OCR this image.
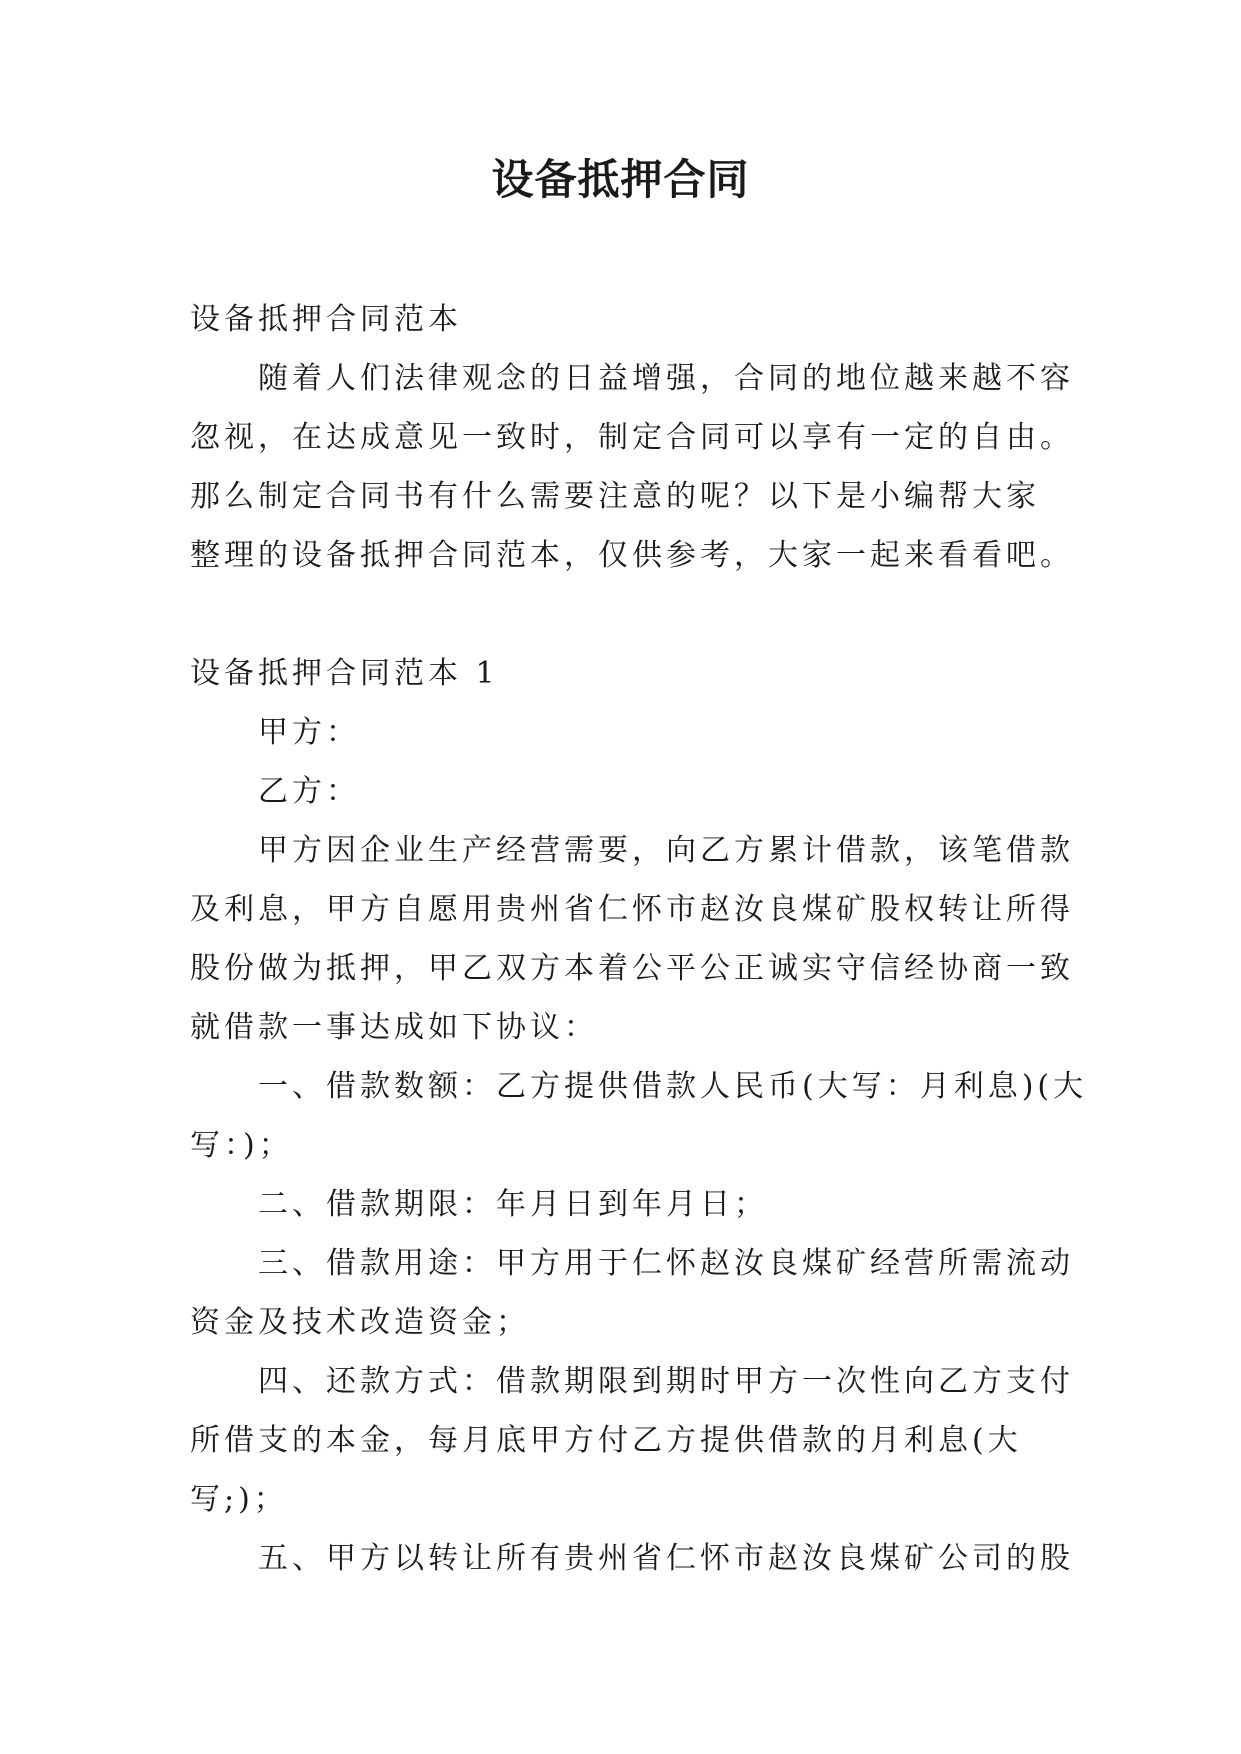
设备抵押合同
设备抵押合同范本
随着人们法律观念的日益增强，合同的地位越来越不容
忽视，在达成意见一致时，制定合同可以享有一定的自由。
那么制定合同书有什么需要注意的呢？以下是小编帮大家
整理的设备抵押合同范本，仅供参考，大家一起来看看吧。
设备抵押合同范本 1
甲方：
乙方：
甲方因企业生产经营需要，向乙方累计借款，该笔借款
及利息，甲方自愿用贵州省仁怀市赵汝良煤矿股权转让所得
股份做为抵押，甲乙双方本着公平公正诚实守信经协商一致
就借款一事达成如下协议：
一、借款数额：乙方提供借款人民币(大写：月利息)(大
写：)；
二、借款期限：年月日到年月日；
三、借款用途：甲方用于仁怀赵汝良煤矿经营所需流动
资金及技术改造资金；
四、还款方式：借款期限到期时甲方一次性向乙方支付
所借支的本金，每月底甲方付乙方提供借款的月利息(大
写;)；
五、甲方以转让所有贵州省仁怀市赵汝良煤矿公司的股
